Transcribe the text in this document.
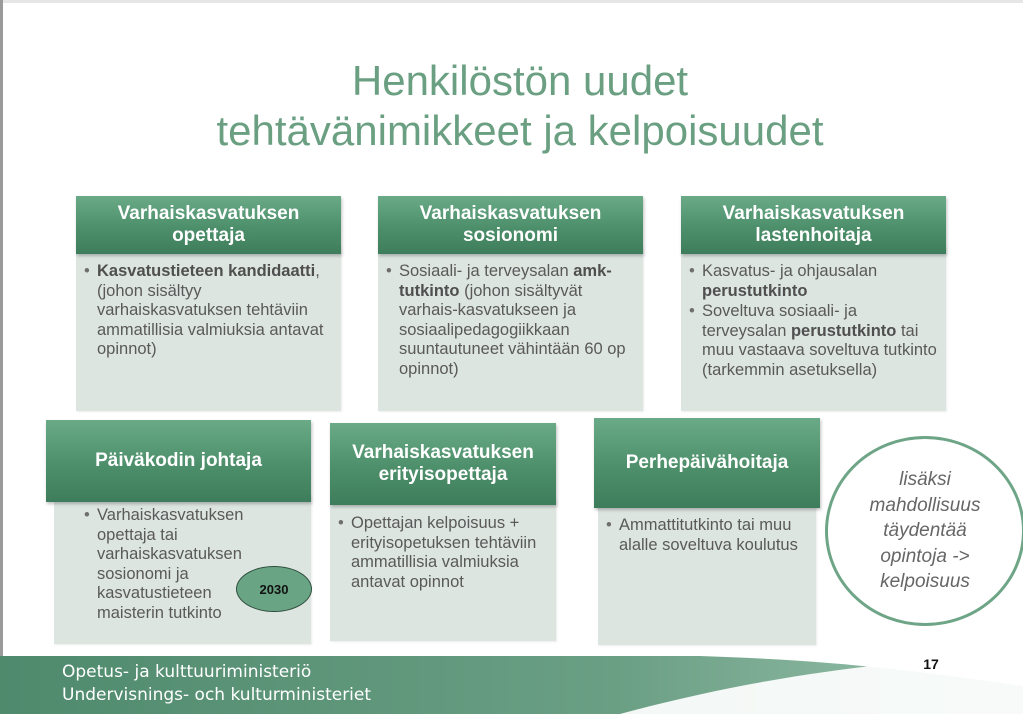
Henkilöstön uudet
tehtävänimikkeet ja kelpoisuudet
Varhaiskasvatuksen
opettaja
• Kasvatustieteen kandidaatti, (johon sisältyy varhaiskasvatuksen tehtäviin ammatillisia valmiuksia antavat opinnot)
Varhaiskasvatuksen
sosionomi
• Sosiaali- ja terveysalan amk-tutkinto (johon sisältyvät varhais-kasvatukseen ja sosiaalipedagogiikkaan suuntautuneet vähintään 60 op opinnot)
Varhaiskasvatuksen
lastenhoitaja
• Kasvatus- ja ohjausalan perustutkinto
• Soveltuva sosiaali- ja terveysalan perustutkinto tai muu vastaava soveltuva tutkinto (tarkemmin asetuksella)
Päiväkodin johtaja
• Varhaiskasvatuksen opettaja tai varhaiskasvatuksen sosionomi ja kasvatustieteen maisterin tutkinto
Varhaiskasvatuksen
erityisopettaja
• Opettajan kelpoisuus + erityisopetuksen tehtäviin ammatillisia valmiuksia antavat opinnot
Perhepäivähoitaja
• Ammattitutkinto tai muu alalle soveltuva koulutus
2030
lisäksi
mahdollisuus
täydentää
opintoja ->
kelpoisuus
Opetus- ja kulttuuriministeriö
Undervisnings- och kulturministeriet
17
